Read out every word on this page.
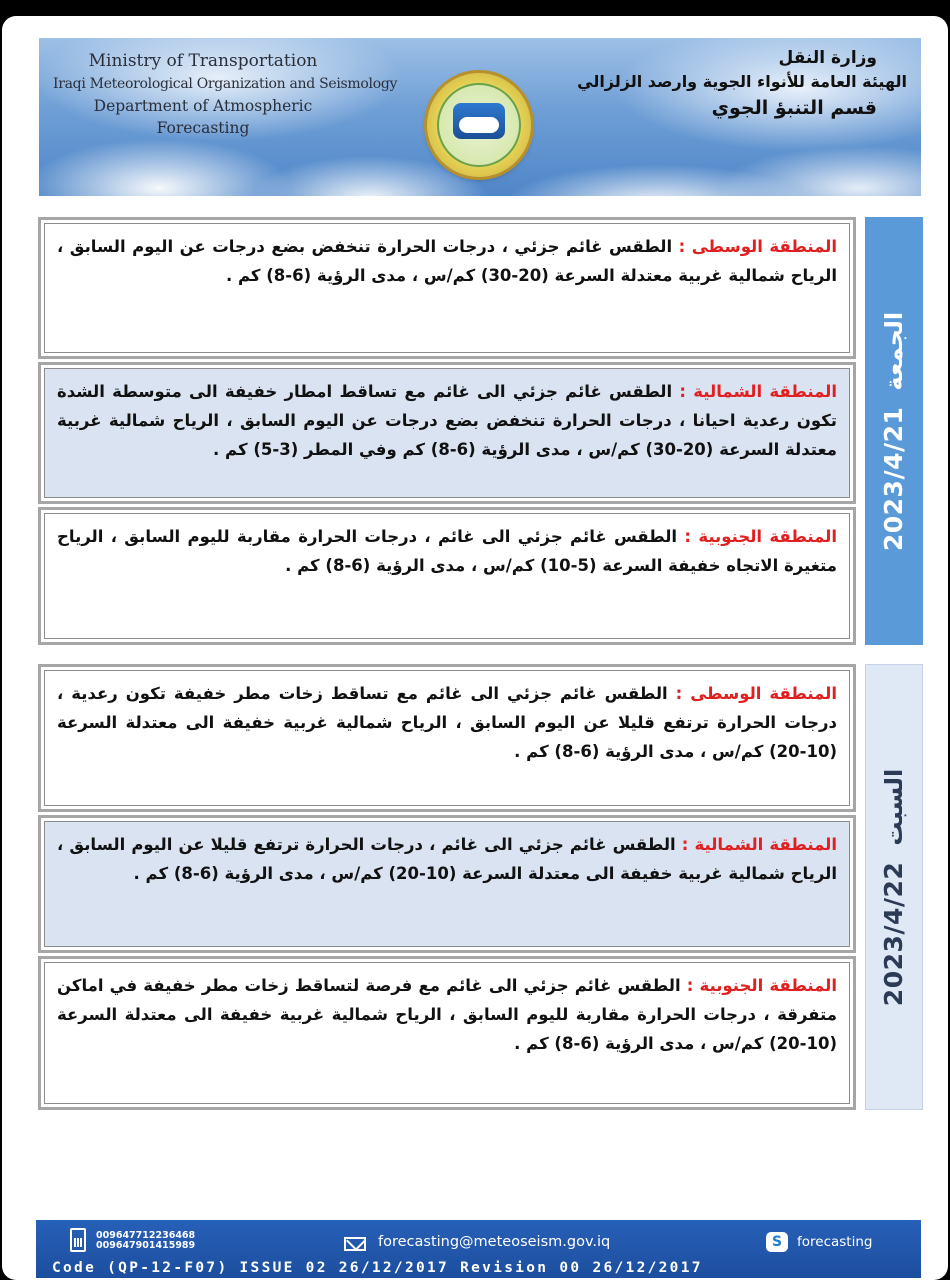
Ministry of Transportation
Iraqi Meteorological Organization and Seismology
Department of Atmospheric Forecasting
وزارة النقل
الهيئة العامة للأنواء الجوية وارصد الزلزالي
قسم التنبؤ الجوي
المنطقة الوسطى : الطقس غائم جزئي ، درجات الحرارة تنخفض بضع درجات عن اليوم السابق ، الرياح شمالية غربية معتدلة السرعة (20-30) كم/س ، مدى الرؤية (6-8) كم .
المنطقة الشمالية : الطقس غائم جزئي الى غائم مع تساقط امطار خفيفة الى متوسطة الشدة تكون رعدية احيانا ، درجات الحرارة تنخفض بضع درجات عن اليوم السابق ، الرياح شمالية غربية معتدلة السرعة (20-30) كم/س ، مدى الرؤية (6-8) كم وفي المطر (3-5) كم .
المنطقة الجنوبية : الطقس غائم جزئي الى غائم ، درجات الحرارة مقاربة لليوم السابق ، الرياح متغيرة الاتجاه خفيفة السرعة (5-10) كم/س ، مدى الرؤية (6-8) كم .
2023/4/21
الجمعة
المنطقة الوسطى : الطقس غائم جزئي الى غائم مع تساقط زخات مطر خفيفة تكون رعدية ، درجات الحرارة ترتفع قليلا عن اليوم السابق ، الرياح شمالية غربية خفيفة الى معتدلة السرعة (10-20) كم/س ، مدى الرؤية (6-8) كم .
المنطقة الشمالية : الطقس غائم جزئي الى غائم ، درجات الحرارة ترتفع قليلا عن اليوم السابق ، الرياح شمالية غربية خفيفة الى معتدلة السرعة (10-20) كم/س ، مدى الرؤية (6-8) كم .
المنطقة الجنوبية : الطقس غائم جزئي الى غائم مع فرصة لتساقط زخات مطر خفيفة في اماكن متفرقة ، درجات الحرارة مقاربة لليوم السابق ، الرياح شمالية غربية خفيفة الى معتدلة السرعة (10-20) كم/س ، مدى الرؤية (6-8) كم .
2023/4/22
السبت
009647712236468
009647901415989	forecasting@meteoseism.gov.iq	S	forecasting
Code (QP-12-F07) ISSUE 02 26/12/2017 Revision 00 26/12/2017
